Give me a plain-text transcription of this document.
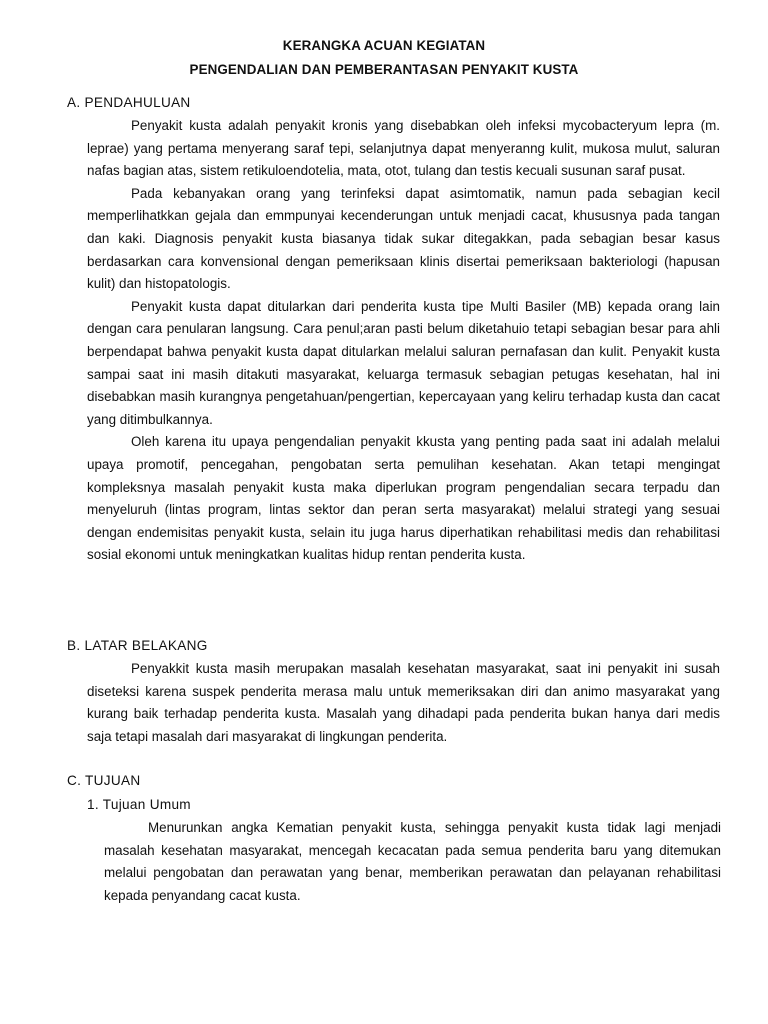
KERANGKA ACUAN KEGIATAN
PENGENDALIAN DAN PEMBERANTASAN PENYAKIT KUSTA
A. PENDAHULUAN

Penyakit kusta adalah penyakit kronis yang disebabkan oleh infeksi mycobacteryum lepra (m. leprae) yang pertama menyerang saraf tepi, selanjutnya dapat menyeranng kulit, mukosa mulut, saluran nafas bagian atas, sistem retikuloendotelia, mata, otot, tulang dan testis kecuali susunan saraf pusat.

Pada kebanyakan orang yang terinfeksi dapat asimtomatik, namun pada sebagian kecil memperlihatkkan gejala dan emmpunyai kecenderungan untuk menjadi cacat, khususnya pada tangan dan kaki. Diagnosis penyakit kusta biasanya tidak sukar ditegakkan, pada sebagian besar kasus berdasarkan cara konvensional dengan pemeriksaan klinis disertai pemeriksaan bakteriologi (hapusan kulit) dan histopatologis.

Penyakit kusta dapat ditularkan dari penderita kusta tipe Multi Basiler (MB) kepada orang lain dengan cara penularan langsung. Cara penul;aran pasti belum diketahuio tetapi sebagian besar para ahli berpendapat bahwa penyakit kusta dapat ditularkan melalui saluran pernafasan dan kulit. Penyakit kusta sampai saat ini masih ditakuti masyarakat, keluarga termasuk sebagian petugas kesehatan, hal ini disebabkan masih kurangnya pengetahuan/pengertian, kepercayaan yang keliru terhadap kusta dan cacat yang ditimbulkannya.

Oleh karena itu upaya pengendalian penyakit kkusta yang penting pada saat ini adalah melalui upaya promotif, pencegahan, pengobatan serta pemulihan kesehatan. Akan tetapi mengingat kompleksnya masalah penyakit kusta maka diperlukan program pengendalian secara terpadu dan menyeluruh (lintas program, lintas sektor dan peran serta masyarakat) melalui strategi yang sesuai dengan endemisitas penyakit kusta, selain itu juga harus diperhatikan rehabilitasi medis dan rehabilitasi sosial ekonomi untuk meningkatkan kualitas hidup rentan penderita kusta.

B. LATAR BELAKANG

Penyakkit kusta masih merupakan masalah kesehatan masyarakat, saat ini penyakit ini susah diseteksi karena suspek penderita merasa malu untuk memeriksakan diri dan animo masyarakat yang kurang baik terhadap penderita kusta. Masalah yang dihadapi pada penderita bukan hanya dari medis saja tetapi masalah dari masyarakat di lingkungan penderita.

C. TUJUAN
1. Tujuan Umum

Menurunkan angka Kematian penyakit kusta, sehingga penyakit kusta tidak lagi menjadi masalah kesehatan masyarakat, mencegah kecacatan pada semua penderita baru yang ditemukan melalui pengobatan dan perawatan yang benar, memberikan perawatan dan pelayanan rehabilitasi kepada penyandang cacat kusta.
